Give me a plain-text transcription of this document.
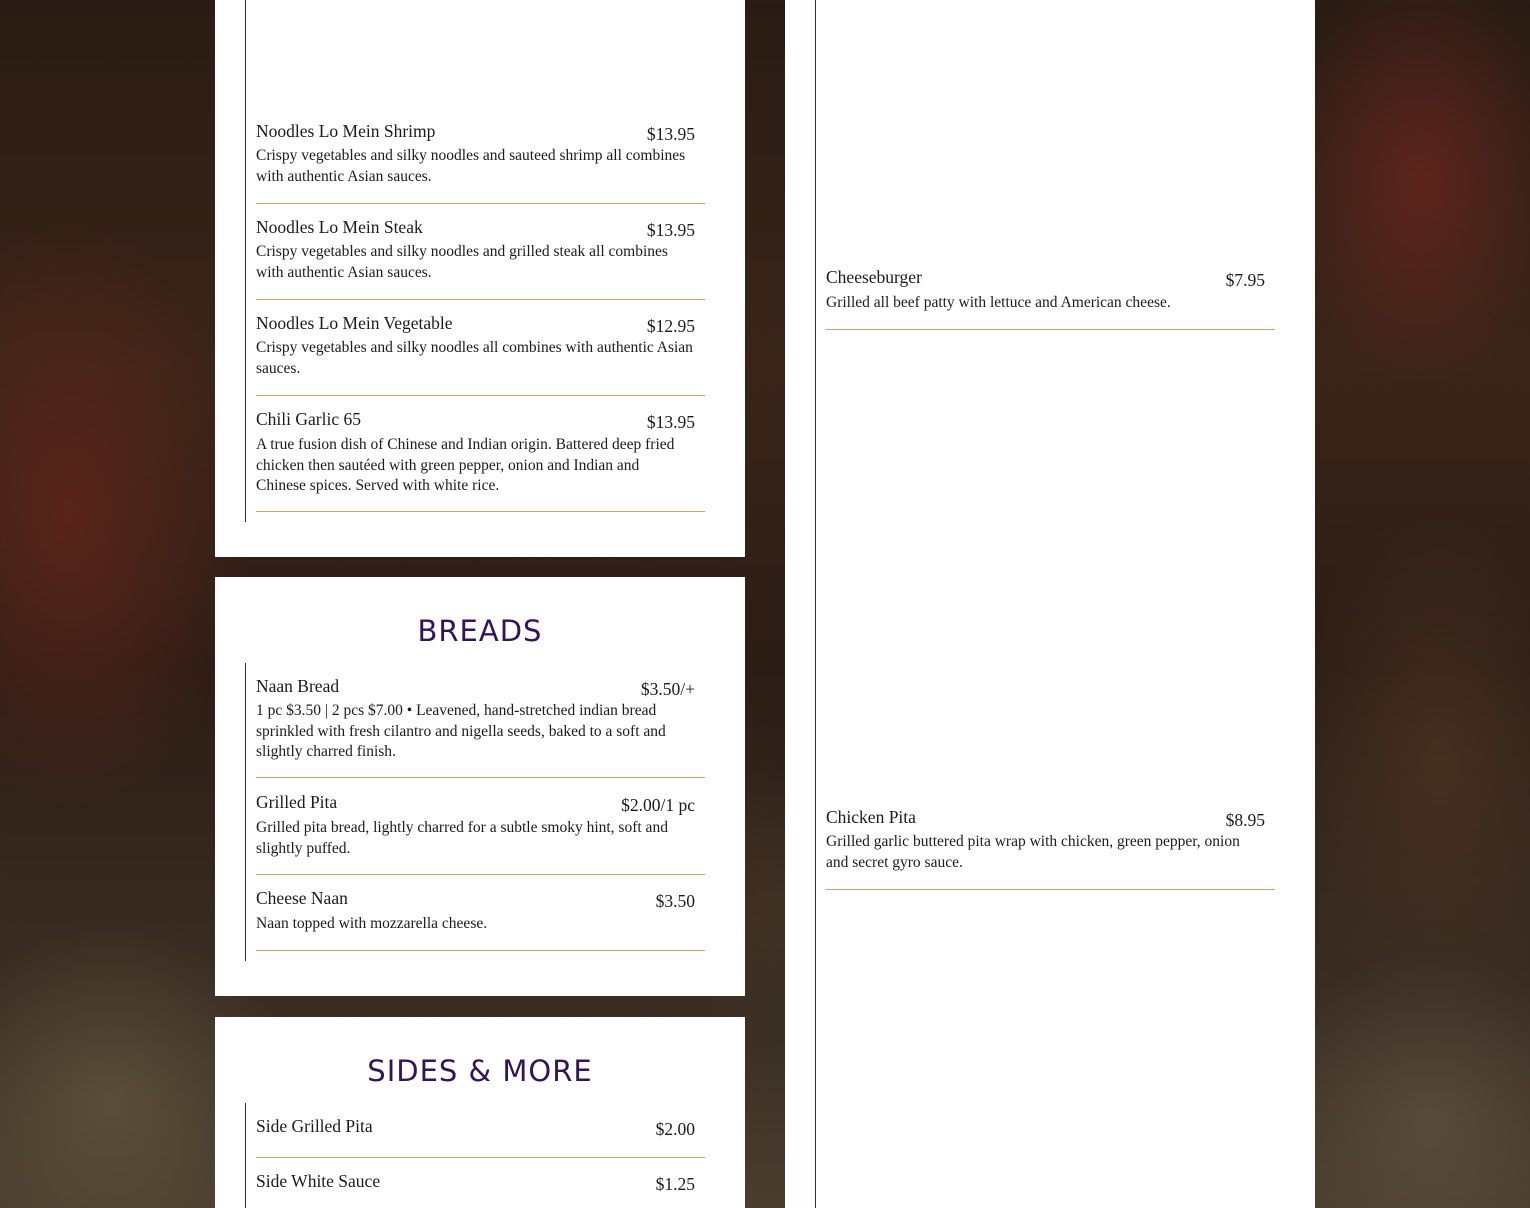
Noodles Lo Mein Shrimp	$13.95
Crispy vegetables and silky noodles and sauteed shrimp all combines with authentic Asian sauces.
Noodles Lo Mein Steak	$13.95
Crispy vegetables and silky noodles and grilled steak all combines with authentic Asian sauces.
Noodles Lo Mein Vegetable	$12.95
Crispy vegetables and silky noodles all combines with authentic Asian sauces.
Chili Garlic 65	$13.95
A true fusion dish of Chinese and Indian origin. Battered deep fried chicken then sautéed with green pepper, onion and Indian and Chinese spices. Served with white rice.
BREADS
Naan Bread	$3.50/+
1 pc $3.50 | 2 pcs $7.00 • Leavened, hand-stretched indian bread sprinkled with fresh cilantro and nigella seeds, baked to a soft and slightly charred finish.
Grilled Pita	$2.00/1 pc
Grilled pita bread, lightly charred for a subtle smoky hint, soft and slightly puffed.
Cheese Naan	$3.50
Naan topped with mozzarella cheese.
SIDES & MORE
Side Grilled Pita	$2.00
Side White Sauce	$1.25
Cheeseburger	$7.95
Grilled all beef patty with lettuce and American cheese.
Chicken Pita	$8.95
Grilled garlic buttered pita wrap with chicken, green pepper, onion and secret gyro sauce.
